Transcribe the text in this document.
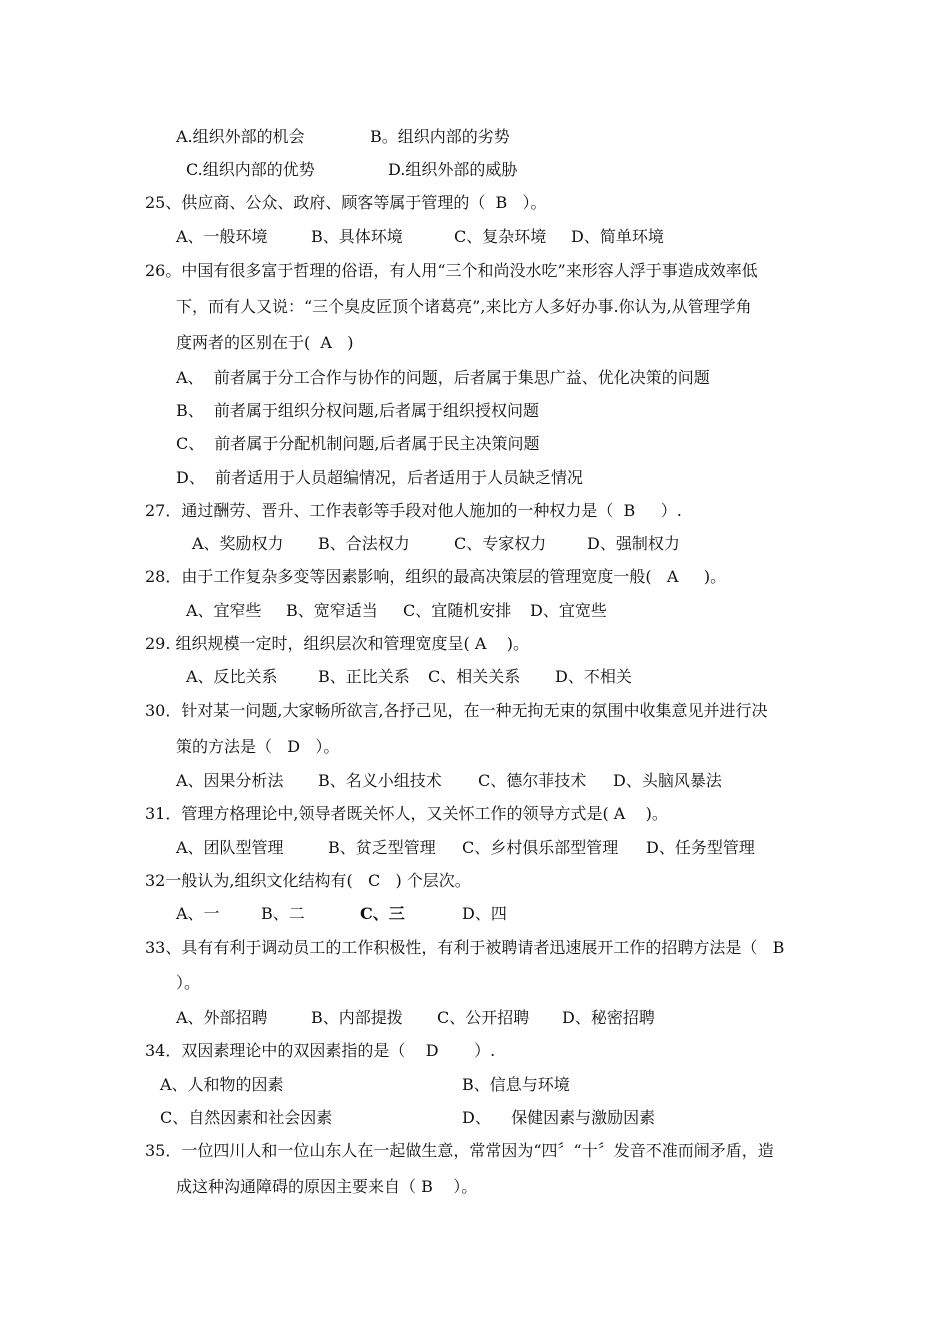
A.组织外部的机会	B。组织内部的劣势
C.组织内部的优势	D.组织外部的威胁
25、供应商、公众、政府、顾客等属于管理的（  B   ）。
A、一般环境	B、具体环境	C、复杂环境 D、简单环境
26。中国有很多富于哲理的俗语，有人用“三个和尚没水吃”来形容人浮于事造成效率低
下，而有人又说：“三个臭皮匠顶个诸葛亮”,来比方人多好办事.你认为,从管理学角
度两者的区别在于(  A   )
A、  前者属于分工合作与协作的问题，后者属于集思广益、优化决策的问题
B、  前者属于组织分权问题,后者属于组织授权问题
C、  前者属于分配机制问题,后者属于民主决策问题
D、  前者适用于人员超编情况，后者适用于人员缺乏情况
27．通过酬劳、晋升、工作表彰等手段对他人施加的一种权力是（  B     ）.
A、奖励权力 B、合法权力	C、专家权力	D、强制权力
28．由于工作复杂多变等因素影响，组织的最高决策层的管理宽度一般(   A     )。
A、宜窄些 B、宽窄适当 C、宜随机安排 D、宜宽些
29. 组织规模一定时，组织层次和管理宽度呈( A    )。
A、反比关系	B、正比关系 C、相关关系 D、不相关
30．针对某一问题,大家畅所欲言,各抒己见，在一种无拘无束的氛围中收集意见并进行决
策的方法是（   D   ）。
A、因果分析法 B、名义小组技术 C、德尔菲技术 D、头脑风暴法
31．管理方格理论中,领导者既关怀人，又关怀工作的领导方式是( A    )。
A、团队型管理	B、贫乏型管理 C、乡村俱乐部型管理 D、任务型管理
32一般认为,组织文化结构有(   C   ) 个层次。
A、一	B、二	C、三	D、四
33、具有有利于调动员工的工作积极性，有利于被聘请者迅速展开工作的招聘方法是（   B
）。
A、外部招聘	B、内部提拨 C、公开招聘 D、秘密招聘
34．双因素理论中的双因素指的是（    D       ）.
A、人和物的因素	B、信息与环境
C、自然因素和社会因素	D、    保健因素与激励因素
35．一位四川人和一位山东人在一起做生意，常常因为“四〞“十〞发音不准而闹矛盾，造
成这种沟通障碍的原因主要来自（ B    ）。
